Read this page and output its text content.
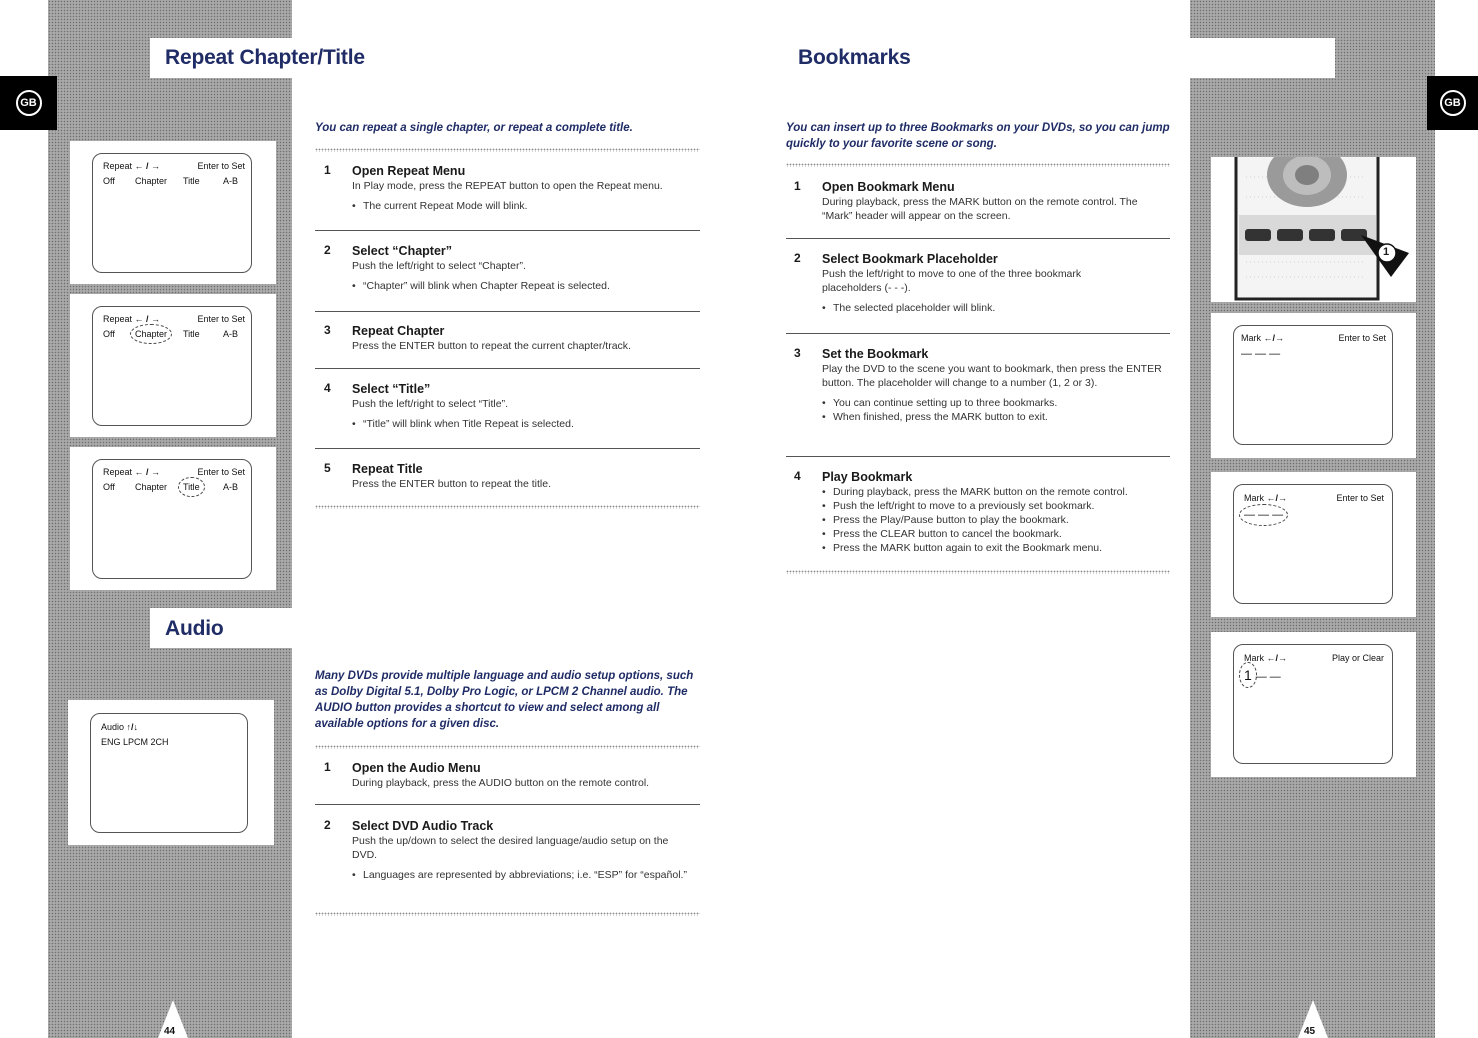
Repeat Chapter/Title
GB
Repeat ← / →	Enter to Set
Off Chapter Title	A-B
Repeat ← / →	Enter to Set
Off Chapter Title	A-B
Repeat ← / →	Enter to Set
Off Chapter Title	A-B
Audio
Audio ↑/↓
ENG LPCM 2CH
44
You can repeat a single chapter, or repeat a complete title.
1 Open Repeat Menu
In Play mode, press the REPEAT button to open the Repeat menu.
• The current Repeat Mode will blink.
2 Select “Chapter”
Push the left/right to select “Chapter”.
• “Chapter” will blink when Chapter Repeat is selected.
3 Repeat Chapter
Press the ENTER button to repeat the current chapter/track.
4 Select “Title”
Push the left/right to select “Title”.
• “Title” will blink when Title Repeat is selected.
5 Repeat Title
Press the ENTER button to repeat the title.
Many DVDs provide multiple language and audio setup options, such as Dolby Digital 5.1, Dolby Pro Logic, or LPCM 2 Channel audio. The AUDIO button provides a shortcut to view and select among all available options for a given disc.
1 Open the Audio Menu
During playback, press the AUDIO button on the remote control.
2 Select DVD Audio Track
Push the up/down to select the desired language/audio setup on the DVD.
• Languages are represented by abbreviations; i.e. “ESP” for “español.”
Bookmarks
You can insert up to three Bookmarks on your DVDs, so you can jump quickly to your favorite scene or song.
1 Open Bookmark Menu
During playback, press the MARK button on the remote control. The “Mark” header will appear on the screen.
2 Select Bookmark Placeholder
Push the left/right to move to one of the three bookmark placeholders (- - -).
• The selected placeholder will blink.
3 Set the Bookmark
Play the DVD to the scene you want to bookmark, then press the ENTER button. The placeholder will change to a number (1, 2 or 3).
• You can continue setting up to three bookmarks.
• When finished, press the MARK button to exit.
4 Play Bookmark
• During playback, press the MARK button on the remote control.
• Push the left/right to move to a previously set bookmark.
• Press the Play/Pause button to play the bookmark.
• Press the CLEAR button to cancel the bookmark.
• Press the MARK button again to exit the Bookmark menu.
GB
1
Mark ←/→	Enter to Set
— — —
Mark ←/→	Enter to Set
— — —
Mark ←/→	Play or Clear
1 — —
45
